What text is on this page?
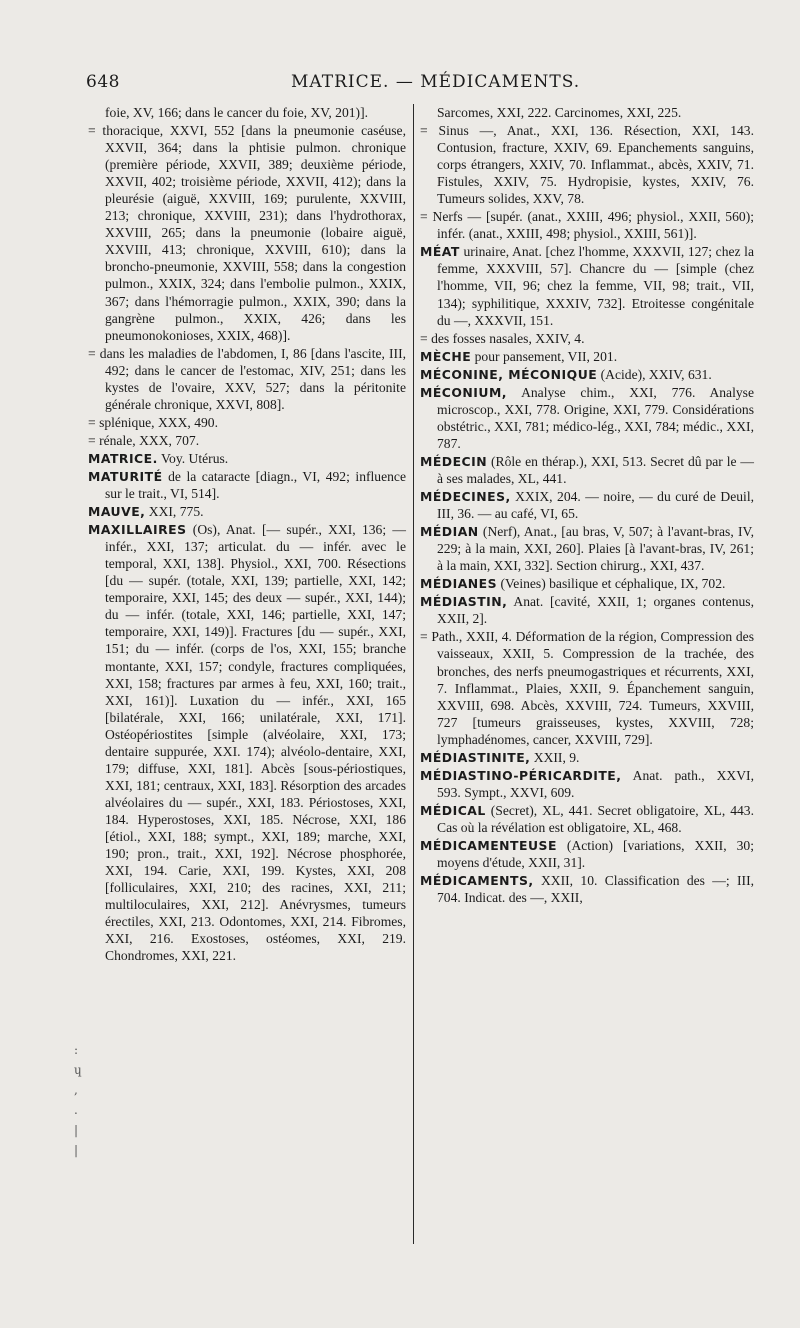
648	MATRICE. — MÉDICAMENTS.

foie, XV, 166; dans le cancer du foie, XV, 201)].

= thoracique, XXVI, 552 [dans la pneumonie caséuse, XXVII, 364; dans la phtisie pulmon. chronique (première période, XXVII, 389; deuxième période, XXVII, 402; troisième période, XXVII, 412); dans la pleurésie (aiguë, XXVIII, 169; purulente, XXVIII, 213; chronique, XXVIII, 231); dans l'hydrothorax, XXVIII, 265; dans la pneumonie (lobaire aiguë, XXVIII, 413; chronique, XXVIII, 610); dans la broncho-pneumonie, XXVIII, 558; dans la congestion pulmon., XXIX, 324; dans l'embolie pulmon., XXIX, 367; dans l'hémorragie pulmon., XXIX, 390; dans la gangrène pulmon., XXIX, 426; dans les pneumonokonioses, XXIX, 468)].

= dans les maladies de l'abdomen, I, 86 [dans l'ascite, III, 492; dans le cancer de l'estomac, XIV, 251; dans les kystes de l'ovaire, XXV, 527; dans la péritonite générale chronique, XXVI, 808].

= splénique, XXX, 490.

= rénale, XXX, 707.

MATRICE. Voy. Utérus.

MATURITÉ de la cataracte [diagn., VI, 492; influence sur le trait., VI, 514].

MAUVE, XXI, 775.

MAXILLAIRES (Os), Anat. [— supér., XXI, 136; — infér., XXI, 137; articulat. du — infér. avec le temporal, XXI, 138]. Physiol., XXI, 700. Résections [du — supér. (totale, XXI, 139; partielle, XXI, 142; temporaire, XXI, 145; des deux — supér., XXI, 144); du — infér. (totale, XXI, 146; partielle, XXI, 147; temporaire, XXI, 149)]. Fractures [du — supér., XXI, 151; du — infér. (corps de l'os, XXI, 155; branche montante, XXI, 157; condyle, fractures compliquées, XXI, 158; fractures par armes à feu, XXI, 160; trait., XXI, 161)]. Luxation du — infér., XXI, 165 [bilatérale, XXI, 166; unilatérale, XXI, 171]. Ostéopériostites [simple (alvéolaire, XXI, 173; dentaire suppurée, XXI. 174); alvéolo-dentaire, XXI, 179; diffuse, XXI, 181]. Abcès [sous-périostiques, XXI, 181; centraux, XXI, 183]. Résorption des arcades alvéolaires du — supér., XXI, 183. Périostoses, XXI, 184. Hyperostoses, XXI, 185. Nécrose, XXI, 186 [étiol., XXI, 188; sympt., XXI, 189; marche, XXI, 190; pron., trait., XXI, 192]. Nécrose phosphorée, XXI, 194. Carie, XXI, 199. Kystes, XXI, 208 [folliculaires, XXI, 210; des racines, XXI, 211; multiloculaires, XXI, 212]. Anévrysmes, tumeurs érectiles, XXI, 213. Odontomes, XXI, 214. Fibromes, XXI, 216. Exostoses, ostéomes, XXI, 219. Chondromes, XXI, 221.

Sarcomes, XXI, 222. Carcinomes, XXI, 225.

= Sinus —, Anat., XXI, 136. Résection, XXI, 143. Contusion, fracture, XXIV, 69. Epanchements sanguins, corps étrangers, XXIV, 70. Inflammat., abcès, XXIV, 71. Fistules, XXIV, 75. Hydropisie, kystes, XXIV, 76. Tumeurs solides, XXV, 78.

= Nerfs — [supér. (anat., XXIII, 496; physiol., XXII, 560); infér. (anat., XXIII, 498; physiol., XXIII, 561)].

MÉAT urinaire, Anat. [chez l'homme, XXXVII, 127; chez la femme, XXXVIII, 57]. Chancre du — [simple (chez l'homme, VII, 96; chez la femme, VII, 98; trait., VII, 134); syphilitique, XXXIV, 732]. Etroitesse congénitale du —, XXXVII, 151.

= des fosses nasales, XXIV, 4.

MÈCHE pour pansement, VII, 201.

MÉCONINE, MÉCONIQUE (Acide), XXIV, 631.

MÉCONIUM, Analyse chim., XXI, 776. Analyse microscop., XXI, 778. Origine, XXI, 779. Considérations obstétric., XXI, 781; médico-lég., XXI, 784; médic., XXI, 787.

MÉDECIN (Rôle en thérap.), XXI, 513. Secret dû par le — à ses malades, XL, 441.

MÉDECINES, XXIX, 204. — noire, — du curé de Deuil, III, 36. — au café, VI, 65.

MÉDIAN (Nerf), Anat., [au bras, V, 507; à l'avant-bras, IV, 229; à la main, XXI, 260]. Plaies [à l'avant-bras, IV, 261; à la main, XXI, 332]. Section chirurg., XXI, 437.

MÉDIANES (Veines) basilique et céphalique, IX, 702.

MÉDIASTIN, Anat. [cavité, XXII, 1; organes contenus, XXII, 2].

= Path., XXII, 4. Déformation de la région, Compression des vaisseaux, XXII, 5. Compression de la trachée, des bronches, des nerfs pneumogastriques et récurrents, XXI, 7. Inflammat., Plaies, XXII, 9. Épanchement sanguin, XXVIII, 698. Abcès, XXVIII, 724. Tumeurs, XXVIII, 727 [tumeurs graisseuses, kystes, XXVIII, 728; lymphadénomes, cancer, XXVIII, 729].

MÉDIASTINITE, XXII, 9.

MÉDIASTINO-PÉRICARDITE, Anat. path., XXVI, 593. Sympt., XXVI, 609.

MÉDICAL (Secret), XL, 441. Secret obligatoire, XL, 443. Cas où la révélation est obligatoire, XL, 468.

MÉDICAMENTEUSE (Action) [variations, XXII, 30; moyens d'étude, XXII, 31].

MÉDICAMENTS, XXII, 10. Classification des —; III, 704. Indicat. des —, XXII,

:
ɥ
,
.
|
|
